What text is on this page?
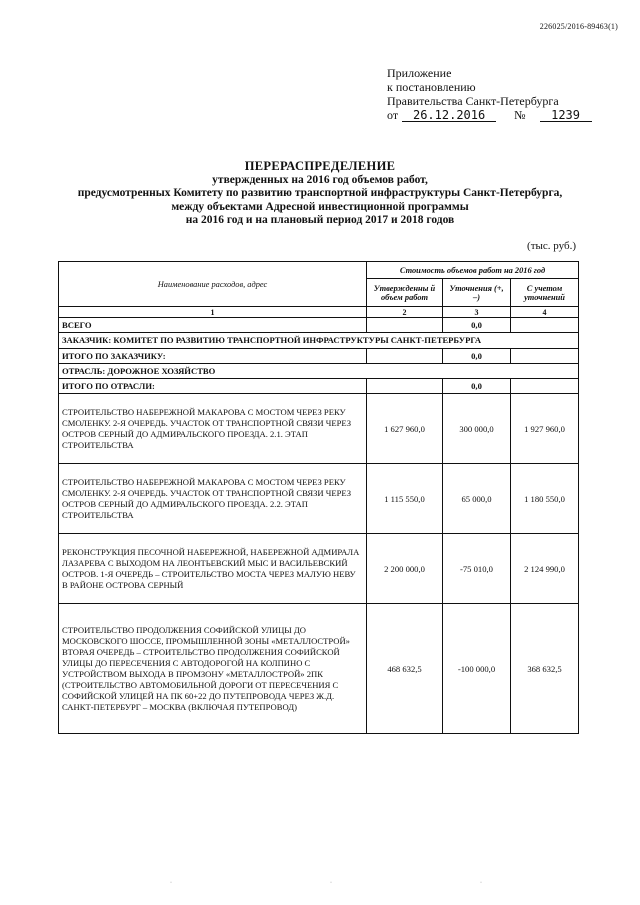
226025/2016-89463(1)
Приложение
к постановлению
Правительства Санкт-Петербурга
от	26.12.2016	№	1239
ПЕРЕРАСПРЕДЕЛЕНИЕ
утвержденных на 2016 год объемов работ,
предусмотренных Комитету по развитию транспортной инфраструктуры Санкт-Петербурга,
между объектами Адресной инвестиционной программы
на 2016 год и на плановый период 2017 и 2018 годов
(тыс. руб.)
Наименование расходов, адрес	Стоимость объемов работ на 2016 год		
	Утвержденны й объем работ	Уточнения (+, –)	С учетом уточнений
1	2	3	4
ВСЕГО		0,0	
ЗАКАЗЧИК: КОМИТЕТ ПО РАЗВИТИЮ ТРАНСПОРТНОЙ ИНФРАСТРУКТУРЫ САНКТ-ПЕТЕРБУРГА			
ИТОГО ПО ЗАКАЗЧИКУ:		0,0	
ОТРАСЛЬ: ДОРОЖНОЕ ХОЗЯЙСТВО			
ИТОГО ПО ОТРАСЛИ:		0,0	
СТРОИТЕЛЬСТВО НАБЕРЕЖНОЙ МАКАРОВА С МОСТОМ ЧЕРЕЗ РЕКУ СМОЛЕНКУ. 2-Я ОЧЕРЕДЬ. УЧАСТОК ОТ ТРАНСПОРТНОЙ СВЯЗИ ЧЕРЕЗ ОСТРОВ СЕРНЫЙ ДО АДМИРАЛЬСКОГО ПРОЕЗДА. 2.1. ЭТАП СТРОИТЕЛЬСТВА	1 627 960,0	300 000,0	1 927 960,0
СТРОИТЕЛЬСТВО НАБЕРЕЖНОЙ МАКАРОВА С МОСТОМ ЧЕРЕЗ РЕКУ СМОЛЕНКУ. 2-Я ОЧЕРЕДЬ. УЧАСТОК ОТ ТРАНСПОРТНОЙ СВЯЗИ ЧЕРЕЗ ОСТРОВ СЕРНЫЙ ДО АДМИРАЛЬСКОГО ПРОЕЗДА. 2.2. ЭТАП СТРОИТЕЛЬСТВА	1 115 550,0	65 000,0	1 180 550,0
РЕКОНСТРУКЦИЯ ПЕСОЧНОЙ НАБЕРЕЖНОЙ, НАБЕРЕЖНОЙ АДМИРАЛА ЛАЗАРЕВА С ВЫХОДОМ НА ЛЕОНТЬЕВСКИЙ МЫС И ВАСИЛЬЕВСКИЙ ОСТРОВ. 1-Я ОЧЕРЕДЬ – СТРОИТЕЛЬСТВО МОСТА ЧЕРЕЗ МАЛУЮ НЕВУ В РАЙОНЕ ОСТРОВА СЕРНЫЙ	2 200 000,0	-75 010,0	2 124 990,0
СТРОИТЕЛЬСТВО ПРОДОЛЖЕНИЯ СОФИЙСКОЙ УЛИЦЫ ДО МОСКОВСКОГО ШОССЕ, ПРОМЫШЛЕННОЙ ЗОНЫ «МЕТАЛЛОСТРОЙ» ВТОРАЯ ОЧЕРЕДЬ – СТРОИТЕЛЬСТВО ПРОДОЛЖЕНИЯ СОФИЙСКОЙ УЛИЦЫ ДО ПЕРЕСЕЧЕНИЯ С АВТОДОРОГОЙ НА КОЛПИНО С УСТРОЙСТВОМ ВЫХОДА В ПРОМЗОНУ «МЕТАЛЛОСТРОЙ» 2ПК (СТРОИТЕЛЬСТВО АВТОМОБИЛЬНОЙ ДОРОГИ ОТ ПЕРЕСЕЧЕНИЯ С СОФИЙСКОЙ УЛИЦЕЙ НА ПК 60+22 ДО ПУТЕПРОВОДА ЧЕРЕЗ Ж.Д. САНКТ-ПЕТЕРБУРГ – МОСКВА (ВКЛЮЧАЯ ПУТЕПРОВОД)	468 632,5	-100 000,0	368 632,5
·	·	·
